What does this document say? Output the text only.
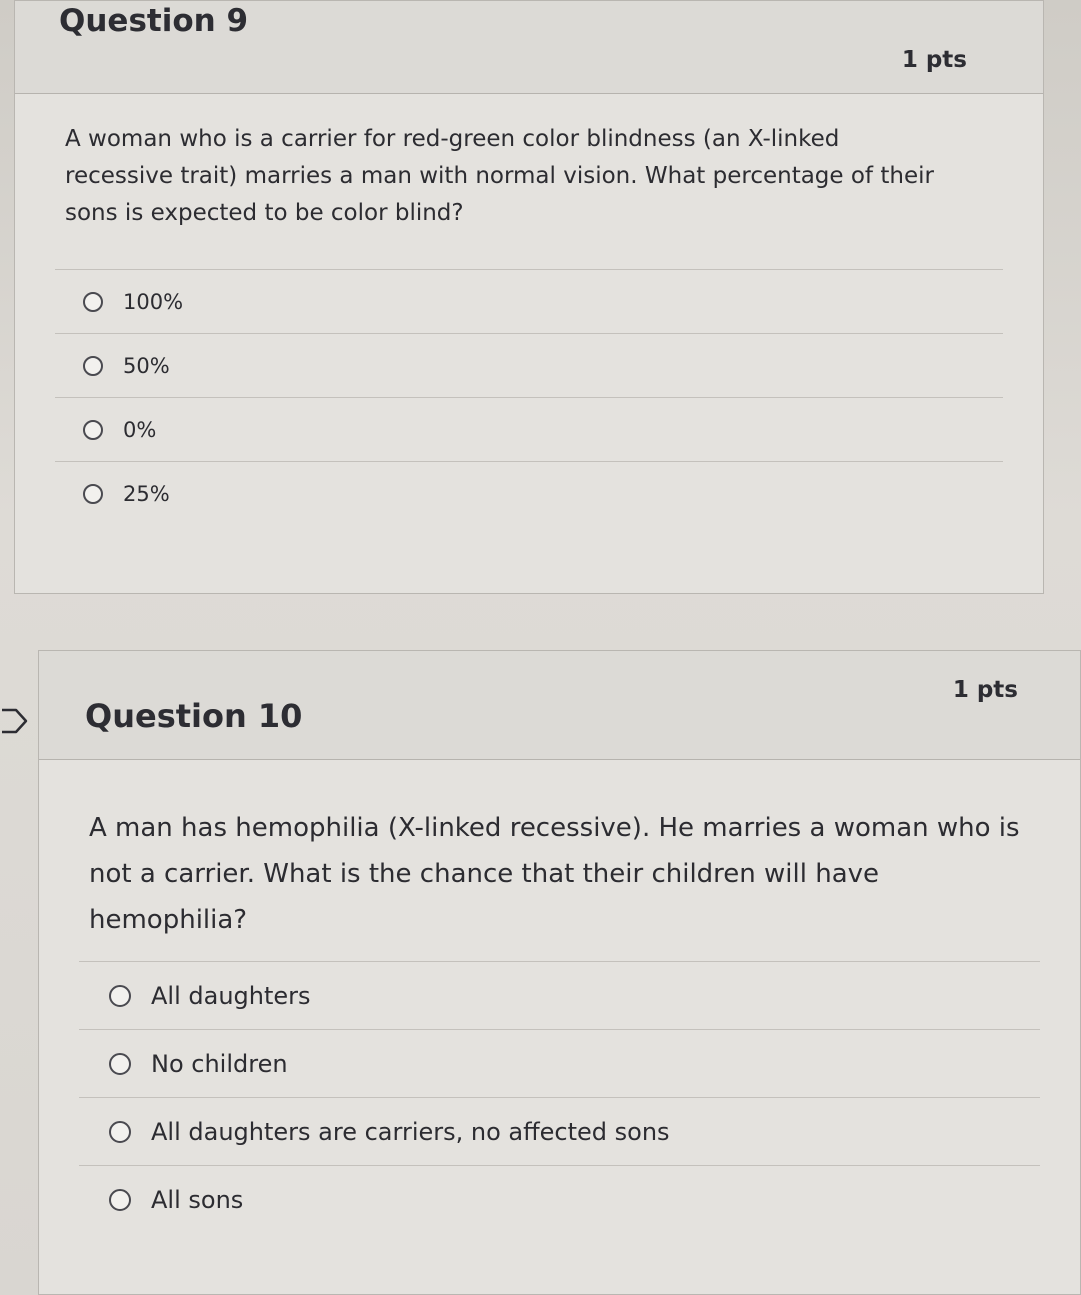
Question 9
1 pts
A woman who is a carrier for red-green color blindness (an X-linked recessive trait) marries a man with normal vision. What percentage of their sons is expected to be color blind?
100%
50%
0%
25%
Question 10
1 pts
A man has hemophilia (X-linked recessive). He marries a woman who is not a carrier. What is the chance that their children will have hemophilia?
All daughters
No children
All daughters are carriers, no affected sons
All sons
